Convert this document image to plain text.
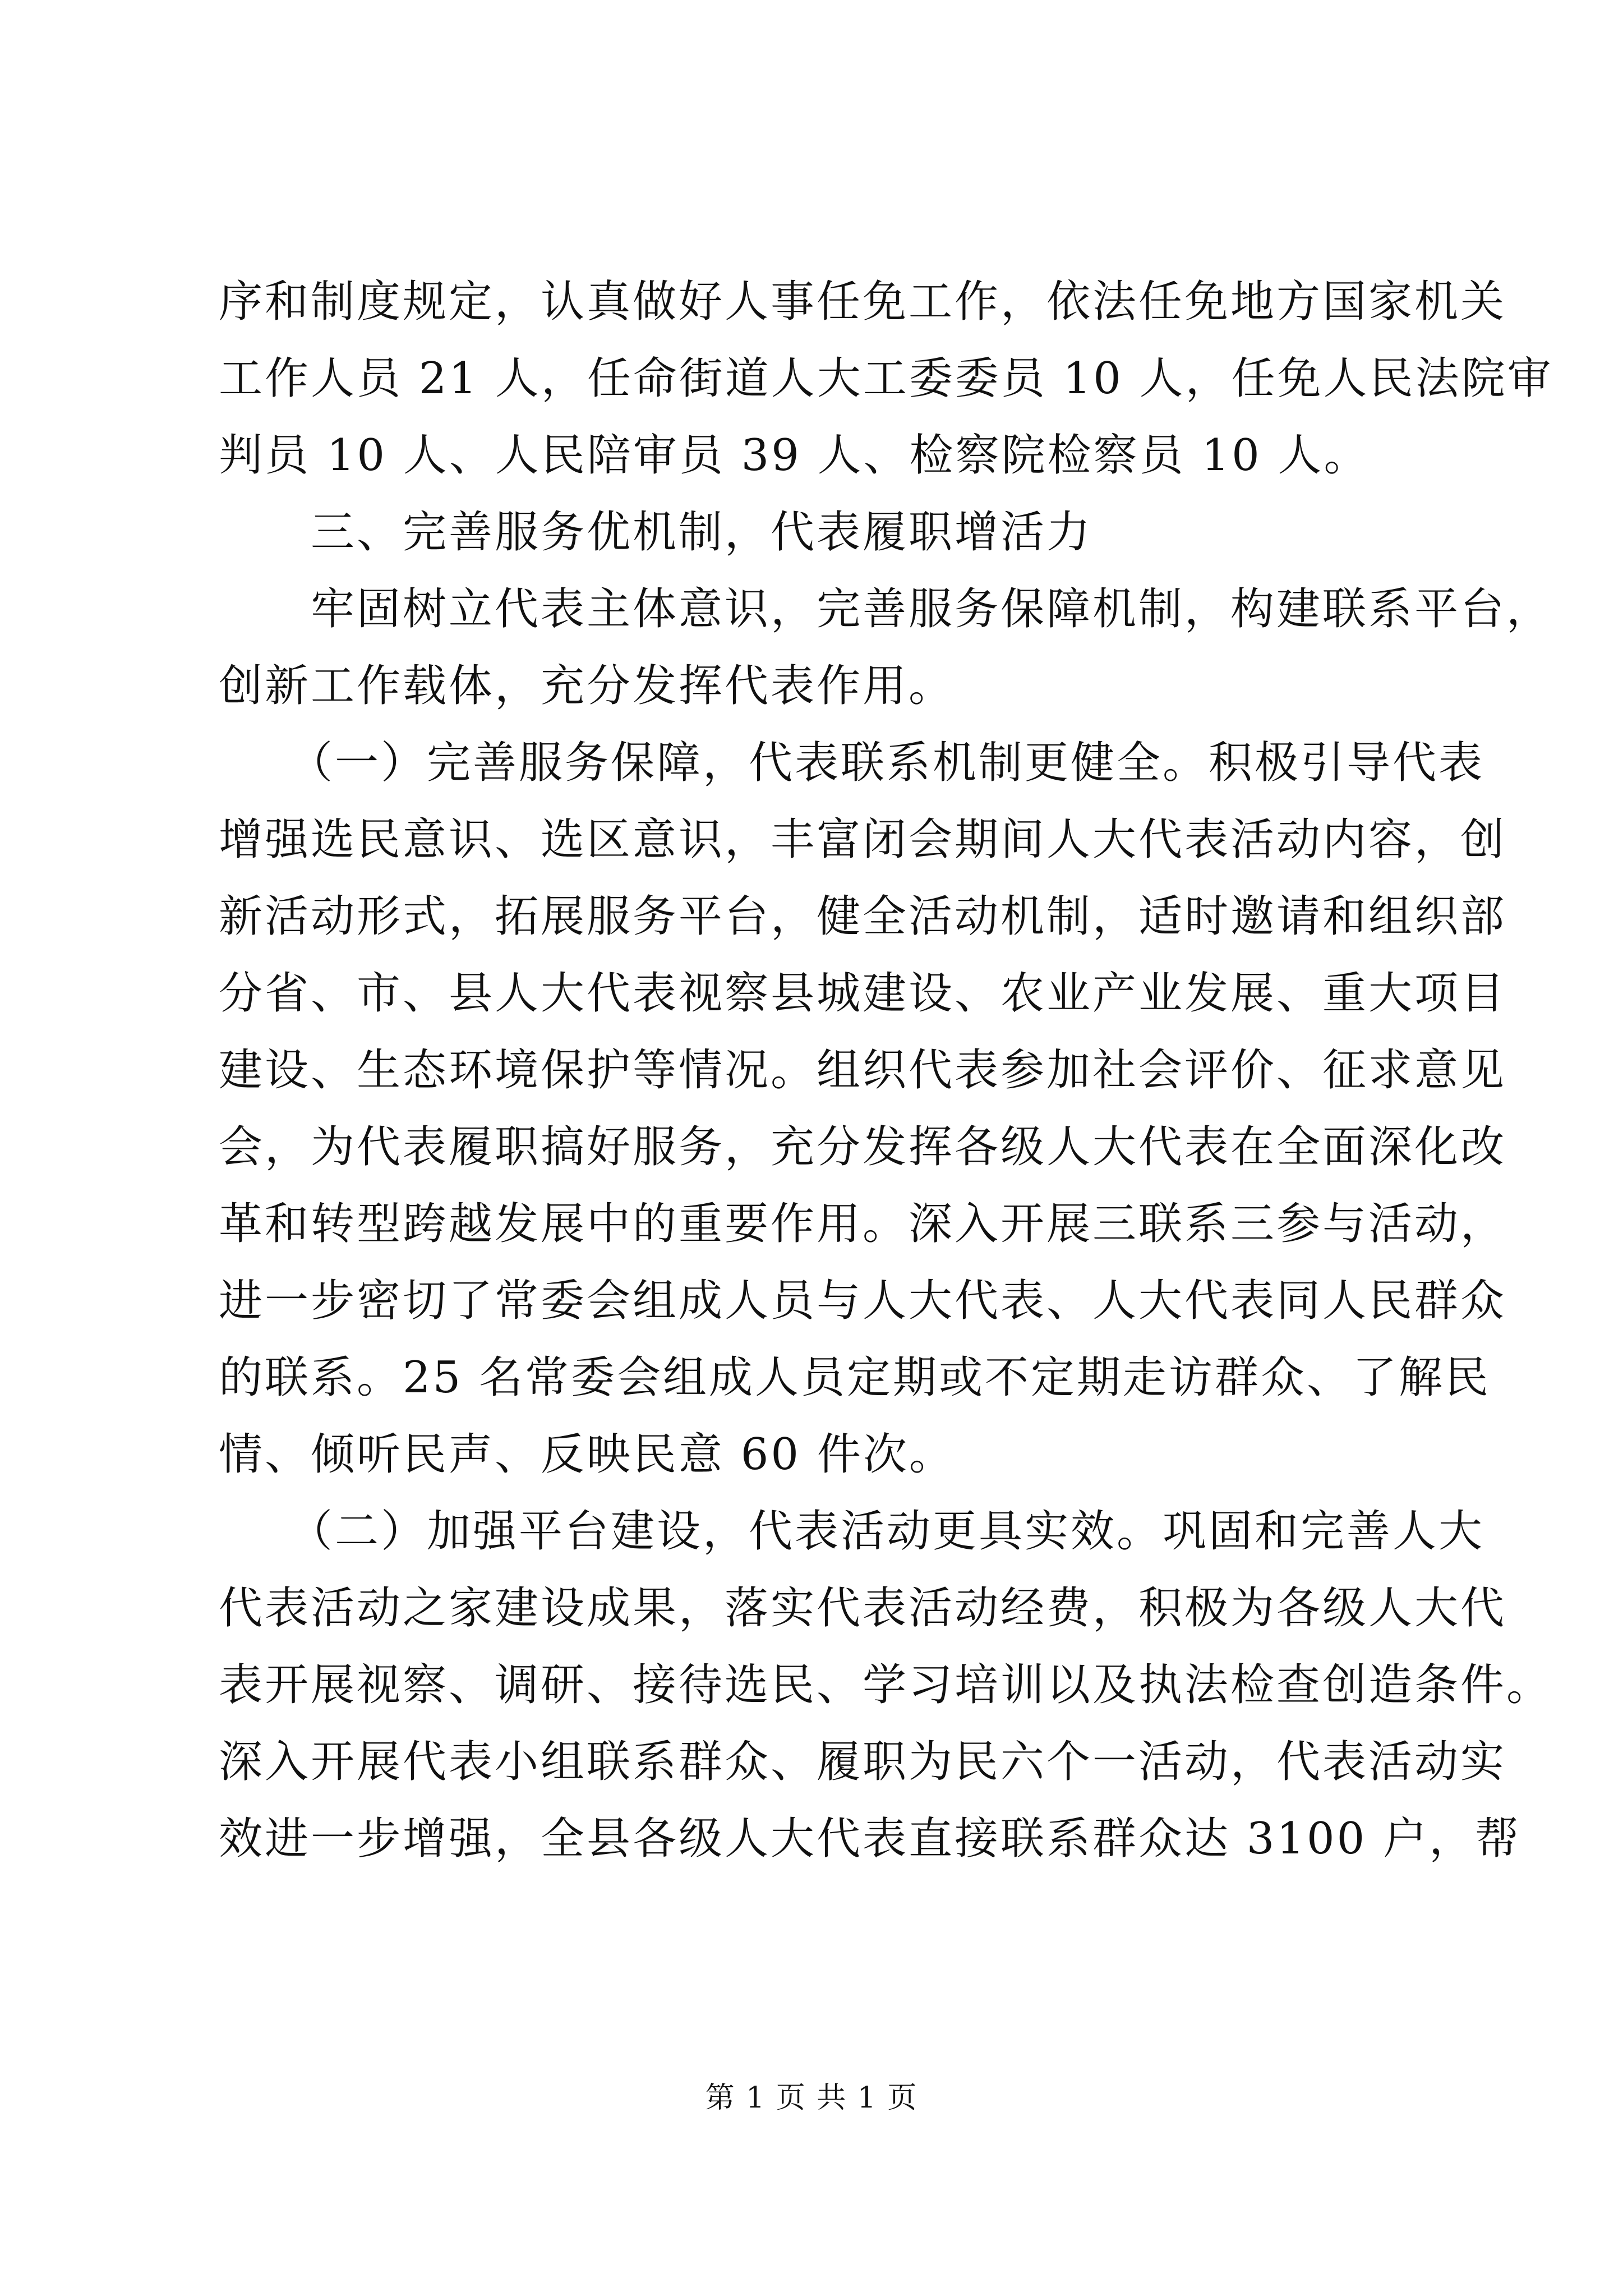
序和制度规定，认真做好人事任免工作，依法任免地方国家机关
工作人员 21 人，任命街道人大工委委员 10 人，任免人民法院审
判员 10 人、人民陪审员 39 人、检察院检察员 10 人。
　　三、完善服务优机制，代表履职增活力
　　牢固树立代表主体意识，完善服务保障机制，构建联系平台，
创新工作载体，充分发挥代表作用。
　　（一）完善服务保障，代表联系机制更健全。积极引导代表
增强选民意识、选区意识，丰富闭会期间人大代表活动内容，创
新活动形式，拓展服务平台，健全活动机制，适时邀请和组织部
分省、市、县人大代表视察县城建设、农业产业发展、重大项目
建设、生态环境保护等情况。组织代表参加社会评价、征求意见
会，为代表履职搞好服务，充分发挥各级人大代表在全面深化改
革和转型跨越发展中的重要作用。深入开展三联系三参与活动，
进一步密切了常委会组成人员与人大代表、人大代表同人民群众
的联系。25 名常委会组成人员定期或不定期走访群众、了解民
情、倾听民声、反映民意 60 件次。
　　（二）加强平台建设，代表活动更具实效。巩固和完善人大
代表活动之家建设成果，落实代表活动经费，积极为各级人大代
表开展视察、调研、接待选民、学习培训以及执法检查创造条件。
深入开展代表小组联系群众、履职为民六个一活动，代表活动实
效进一步增强，全县各级人大代表直接联系群众达 3100 户，帮
第 1 页 共 1 页
